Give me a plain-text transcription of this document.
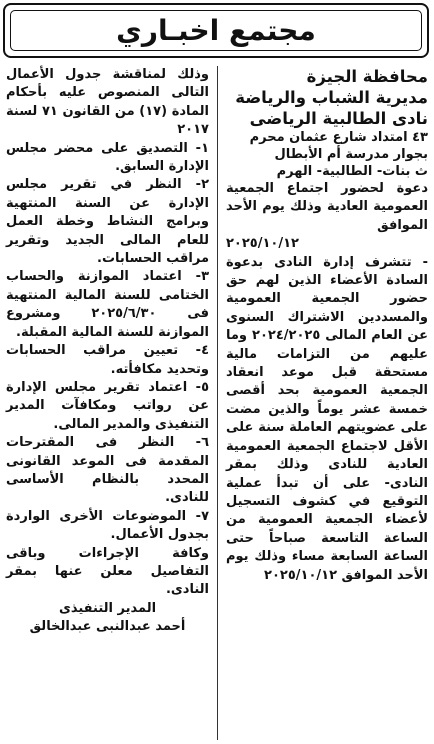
مجتمع اخبـاري
محافظة الجيزة
مديرية الشباب والرياضة
نادى الطالبية الرياضى
٤٣ امتداد شارع عثمان محرم
بجوار مدرسة أم الأبطال
ث بنات- الطالبية- الهرم

دعوة لحضور اجتماع الجمعية العمومية العادية وذلك يوم الأحد الموافق

٢٠٢٥/١٠/١٢

- تتشرف إدارة النادى بدعوة السادة الأعضاء الذين لهم حق حضور الجمعية العمومية والمسددين الاشتراك السنوى عن العام المالى ٢٠٢٤/٢٠٢٥ وما عليهم من التزامات مالية مستحقة قبل موعد انعقاد الجمعية العمومية بحد أقصى خمسة عشر يوماً والذين مضت على عضويتهم العاملة سنة على الأقل لاجتماع الجمعية العمومية العادية للنادى وذلك بمقر النادى- على أن تبدأ عملية التوقيع في كشوف التسجيل لأعضاء الجمعية العمومية من الساعة التاسعة صباحاً حتى الساعة السابعة مساء وذلك يوم الأحد الموافق ٢٠٢٥/١٠/١٢

وذلك لمناقشة جدول الأعمال التالى المنصوص عليه بأحكام المادة (١٧) من القانون ٧١ لسنة ٢٠١٧

١- التصديق على محضر مجلس الإدارة السابق.

٢- النظر في تقرير مجلس الإدارة عن السنة المنتهية وبرامج النشاط وخطة العمل للعام المالى الجديد وتقرير مراقب الحسابات.

٣- اعتماد الموازنة والحساب الختامى للسنة المالية المنتهية فى ٢٠٢٥/٦/٣٠ ومشروع الموازنة للسنة المالية المقبلة.

٤- تعيين مراقب الحسابات وتحديد مكافأته.

٥- اعتماد تقرير مجلس الإدارة عن رواتب ومكافآت المدير التنفيذى والمدير المالى.

٦- النظر فى المقترحات المقدمة فى الموعد القانونى المحدد بالنظام الأساسى للنادى.

٧- الموضوعات الأخرى الواردة بجدول الأعمال.

وكافة الإجراءات وباقى التفاصيل معلن عنها بمقر النادى.

المدير التنفيذى
أحمد عبدالنبى عبدالخالق
